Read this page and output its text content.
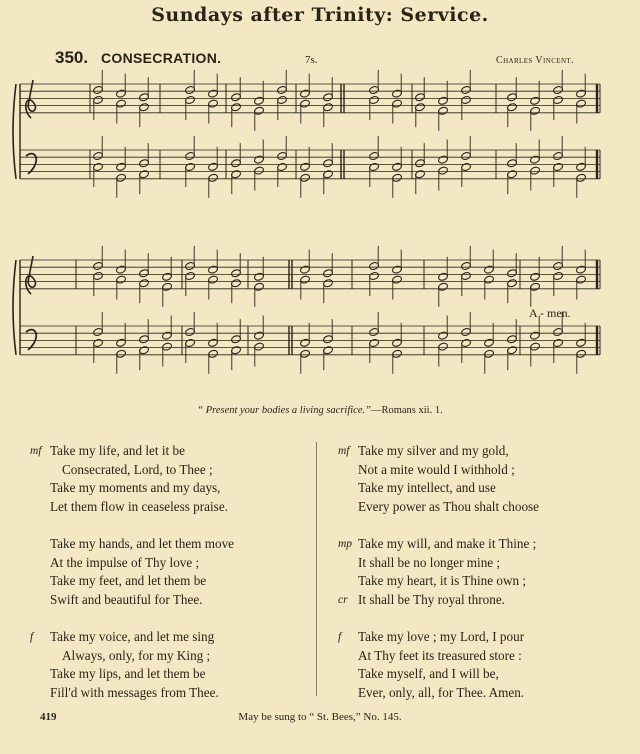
Sundays after Trinity: Service.
350. CONSECRATION.	7s.	Charles Vincent.
A - men.
“ Present your bodies a living sacrifice.”—Romans xii. 1.
mf Take my life, and let it be
Consecrated, Lord, to Thee ;
Take my moments and my days,
Let them flow in ceaseless praise.
Take my hands, and let them move
At the impulse of Thy love ;
Take my feet, and let them be
Swift and beautiful for Thee.
f Take my voice, and let me sing
Always, only, for my King ;
Take my lips, and let them be
Fill'd with messages from Thee.
mf Take my silver and my gold,
Not a mite would I withhold ;
Take my intellect, and use
Every power as Thou shalt choose
mp Take my will, and make it Thine ;
It shall be no longer mine ;
Take my heart, it is Thine own ;
cr It shall be Thy royal throne.
f Take my love ; my Lord, I pour
At Thy feet its treasured store :
Take myself, and I will be,
Ever, only, all, for Thee. Amen.
419	May be sung to “ St. Bees,” No. 145.
